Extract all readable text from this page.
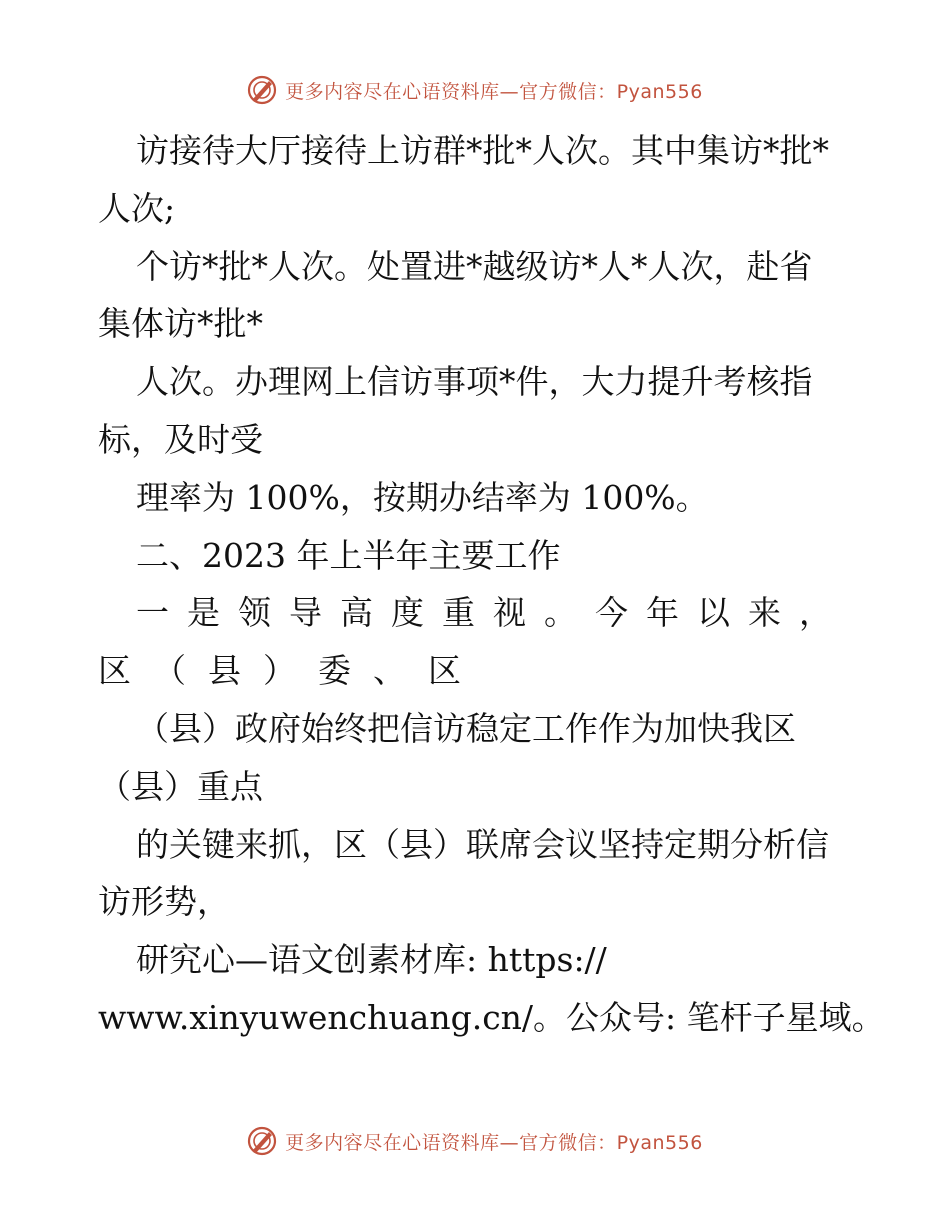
更多内容尽在心语资料库—官方微信：Pyan556
访接待大厅接待上访群*批*人次。其中集访*批*
人次;
个访*批*人次。处置进*越级访*人*人次，赴省
集体访*批*
人次。办理网上信访事项*件，大力提升考核指
标，及时受
理率为 100%，按期办结率为 100%。
二、2023 年上半年主要工作
一是领导高度重视。今年以来，
区（县）委、区
（县）政府始终把信访稳定工作作为加快我区
（县）重点
的关键来抓，区（县）联席会议坚持定期分析信
访形势，
研究心—语文创素材库: https://
www.xinyuwenchuang.cn/。公众号: 笔杆子星域。
更多内容尽在心语资料库—官方微信：Pyan556
